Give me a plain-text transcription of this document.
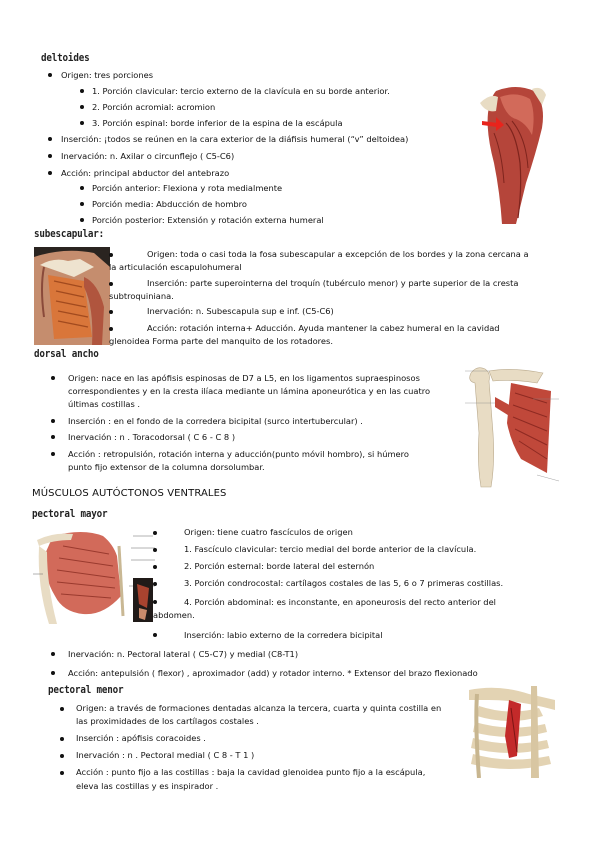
deltoides
Origen: tres porciones
1. Porción clavicular: tercio externo de la clavícula en su borde anterior.
2. Porción acromial: acromion
3. Porción espinal: borde inferior de la espina de la escápula
Inserción: ¡todos se reúnen en la cara exterior de la diáfisis humeral (“v” deltoidea)
Inervación: n. Axilar o circunflejo ( C5-C6)
Acción: principal abductor del antebrazo
Porción anterior: Flexiona y rota medialmente
Porción media: Abducción de hombro
Porción posterior: Extensión y rotación externa humeral
subescapular:
Origen: toda o casi toda la fosa subescapular a excepción de los bordes y la zona cercana a
la articulación escapulohumeral
Inserción: parte superointerna del troquín (tubérculo menor) y parte superior de la cresta
subtroquiniana.
Inervación: n. Subescapula sup e inf. (C5-C6)
Acción: rotación interna+ Aducción. Ayuda mantener la cabez humeral en la cavidad
glenoidea Forma parte del manquito de los rotadores.
dorsal ancho
Origen: nace en las apófisis espinosas de D7 a L5, en los ligamentos supraespinosos
correspondientes y en la cresta ilíaca mediante un lámina aponeurótica y en las cuatro
últimas costillas .
Inserción : en el fondo de la corredera bicipital (surco intertubercular) .
Inervación : n . Toracodorsal ( C 6 - C 8 )
Acción : retropulsión, rotación interna y aducción(punto móvil hombro), si húmero
punto fijo extensor de la columna dorsolumbar.
MÚSCULOS AUTÓCTONOS VENTRALES
pectoral mayor
Origen: tiene cuatro fascículos de origen
1. Fascículo clavicular: tercio medial del borde anterior de la clavícula.
2. Porción esternal: borde lateral del esternón
3. Porción condrocostal: cartílagos costales de las 5, 6 o 7 primeras costillas.
4. Porción abdominal: es inconstante, en aponeurosis del recto anterior del
abdomen.
Inserción: labio externo de la corredera bicipital
Inervación: n. Pectoral lateral ( C5-C7) y medial (C8-T1)
Acción: antepulsión ( flexor) , aproximador (add) y rotador interno. * Extensor del brazo flexionado
pectoral menor
Origen: a través de formaciones dentadas alcanza la tercera, cuarta y quinta costilla en
las proximidades de los cartílagos costales .
Inserción : apófisis coracoides .
Inervación : n . Pectoral medial ( C 8 - T 1 )
Acción : punto fijo a las costillas : baja la cavidad glenoidea punto fijo a la escápula,
eleva las costillas y es inspirador .
